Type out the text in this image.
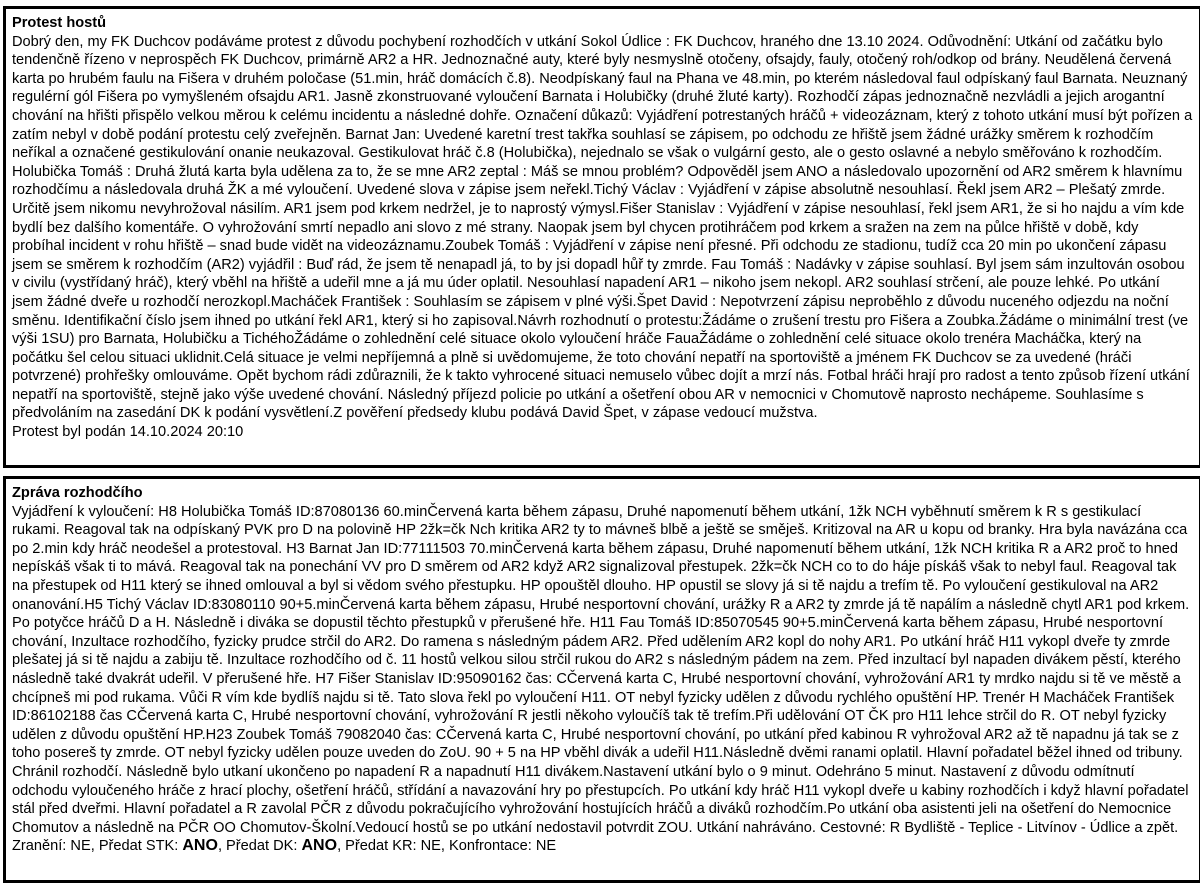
Protest hostů
Dobrý den, my FK Duchcov podáváme protest z důvodu pochybení rozhodčích v utkání Sokol Údlice : FK Duchcov, hraného dne 13.10 2024. Odůvodnění: Utkání od začátku bylo tendenčně řízeno v neprospěch FK Duchcov, primárně AR2 a HR. Jednoznačné auty, které byly nesmyslně otočeny, ofsajdy, fauly, otočený roh/odkop od brány. Neudělená červená karta po hrubém faulu na Fišera v druhém poločase (51.min, hráč domácích č.8). Neodpískaný faul na Phana ve 48.min, po kterém následoval faul odpískaný faul Barnata. Neuznaný regulérní gól Fišera po vymyšleném ofsajdu AR1. Jasně zkonstruované vyloučení Barnata i Holubičky (druhé žluté karty). Rozhodčí zápas jednoznačně nezvládli a jejich arogantní chování na hřišti přispělo velkou měrou k celému incidentu a následné dohře. Označení důkazů: Vyjádření potrestaných hráčů + videozáznam, který z tohoto utkání musí být pořízen a zatím nebyl v době podání protestu celý zveřejněn. Barnat Jan: Uvedené karetní trest takřka souhlasí se zápisem, po odchodu ze hřiště jsem žádné urážky směrem k rozhodčím neříkal a označené gestikulování onanie neukazoval. Gestikulovat hráč č.8 (Holubička), nejednalo se však o vulgární gesto, ale o gesto oslavné a nebylo směřováno k rozhodčím. Holubička Tomáš : Druhá žlutá karta byla udělena za to, že se mne AR2 zeptal : Máš se mnou problém? Odpověděl jsem ANO a následovalo upozornění od AR2 směrem k hlavnímu rozhodčímu a následovala druhá ŽK a mé vyloučení. Uvedené slova v zápise jsem neřekl.Tichý Václav : Vyjádření v zápise absolutně nesouhlasí. Řekl jsem AR2 – Plešatý zmrde. Určitě jsem nikomu nevyhrožoval násilím. AR1 jsem pod krkem nedržel, je to naprostý výmysl.Fišer Stanislav : Vyjádření v zápise nesouhlasí, řekl jsem AR1, že si ho najdu a vím kde bydlí bez dalšího komentáře. O vyhrožování smrtí nepadlo ani slovo z mé strany. Naopak jsem byl chycen protihráčem pod krkem a sražen na zem na půlce hřiště v době, kdy probíhal incident v rohu hřiště – snad bude vidět na videozáznamu.Zoubek Tomáš : Vyjádření v zápise není přesné. Při odchodu ze stadionu, tudíž cca 20 min po ukončení zápasu jsem se směrem k rozhodčím (AR2) vyjádřil : Buď rád, že jsem tě nenapadl já, to by jsi dopadl hůř ty zmrde. Fau Tomáš : Nadávky v zápise souhlasí. Byl jsem sám inzultován osobou v civilu (vystřídaný hráč), který vběhl na hřiště a udeřil mne a já mu úder oplatil. Nesouhlasí napadení AR1 – nikoho jsem nekopl. AR2 souhlasí strčení, ale pouze lehké. Po utkání jsem žádné dveře u rozhodčí nerozkopl.Macháček František : Souhlasím se zápisem v plné výši.Špet David : Nepotvrzení zápisu neproběhlo z důvodu nuceného odjezdu na noční směnu. Identifikační číslo jsem ihned po utkání řekl AR1, který si ho zapisoval.Návrh rozhodnutí o protestu:Žádáme o zrušení trestu pro Fišera a Zoubka.Žádáme o minimální trest (ve výši 1SU) pro Barnata, Holubičku a TichéhoŽádáme o zohlednění celé situace okolo vyloučení hráče FauaŽádáme o zohlednění celé situace okolo trenéra Macháčka, který na počátku šel celou situaci uklidnit.Celá situace je velmi nepříjemná a plně si uvědomujeme, že toto chování nepatří na sportoviště a jménem FK Duchcov se za uvedené (hráči potvrzené) prohřešky omlouváme. Opět bychom rádi zdůraznili, že k takto vyhrocené situaci nemuselo vůbec dojít a mrzí nás. Fotbal hráči hrají pro radost a tento způsob řízení utkání nepatří na sportoviště, stejně jako výše uvedené chování. Následný příjezd policie po utkání a ošetření obou AR v nemocnici v Chomutově naprosto nechápeme. Souhlasíme s předvoláním na zasedání DK k podání vysvětlení.Z pověření předsedy klubu podává David Špet, v zápase vedoucí mužstva.
Protest byl podán 14.10.2024 20:10
Zpráva rozhodčího
Vyjádření k vyloučení: H8 Holubička Tomáš ID:87080136 60.minČervená karta během zápasu, Druhé napomenutí během utkání, 1žk NCH vyběhnutí směrem k R s gestikulací rukami. Reagoval tak na odpískaný PVK pro D na polovině HP 2žk=čk Nch kritika AR2 ty to mávneš blbě a ještě se směješ. Kritizoval na AR u kopu od branky. Hra byla navázána cca po 2.min kdy hráč neodešel a protestoval. H3 Barnat Jan ID:77111503 70.minČervená karta během zápasu, Druhé napomenutí během utkání, 1žk NCH kritika R a AR2 proč to hned nepískáš však ti to mává. Reagoval tak na ponechání VV pro D směrem od AR2 když AR2 signalizoval přestupek. 2žk=čk NCH co to do háje pískáš však to nebyl faul. Reagoval tak na přestupek od H11 který se ihned omlouval a byl si vědom svého přestupku. HP opouštěl dlouho. HP opustil se slovy já si tě najdu a trefím tě. Po vyloučení gestikuloval na AR2 onanování.H5 Tichý Václav ID:83080110 90+5.minČervená karta během zápasu, Hrubé nesportovní chování, urážky R a AR2 ty zmrde já tě napálím a následně chytl AR1 pod krkem. Po potyčce hráčů D a H. Následně i diváka se dopustil těchto přestupků v přerušené hře. H11 Fau Tomáš ID:85070545 90+5.minČervená karta během zápasu, Hrubé nesportovní chování, Inzultace rozhodčího, fyzicky prudce strčil do AR2. Do ramena s následným pádem AR2. Před udělením AR2 kopl do nohy AR1. Po utkání hráč H11 vykopl dveře ty zmrde plešatej já si tě najdu a zabiju tě. Inzultace rozhodčího od č. 11 hostů velkou silou strčil rukou do AR2 s následným pádem na zem. Před inzultací byl napaden divákem pěstí, kterého následně také dvakrát udeřil. V přerušené hře. H7 Fišer Stanislav ID:95090162 čas: CČervená karta C, Hrubé nesportovní chování, vyhrožování AR1 ty mrdko najdu si tě ve městě a chcípneš mi pod rukama. Vůči R vím kde bydlíš najdu si tě. Tato slova řekl po vyloučení H11. OT nebyl fyzicky udělen z důvodu rychlého opuštění HP. Trenér H Macháček František ID:86102188 čas CČervená karta C, Hrubé nesportovní chování, vyhrožování R jestli někoho vyloučíš tak tě trefím.Při udělování OT ČK pro H11 lehce strčil do R. OT nebyl fyzicky udělen z důvodu opuštění HP.H23 Zoubek Tomáš 79082040 čas: CČervená karta C, Hrubé nesportovní chování, po utkání před kabinou R vyhrožoval AR2 až tě napadnu já tak se z toho posereš ty zmrde. OT nebyl fyzicky udělen pouze uveden do ZoU. 90 + 5 na HP vběhl divák a udeřil H11.Následně dvěmi ranami oplatil. Hlavní pořadatel běžel ihned od tribuny. Chránil rozhodčí. Následně bylo utkaní ukončeno po napadení R a napadnutí H11 divákem.Nastavení utkání bylo o 9 minut. Odehráno 5 minut. Nastavení z důvodu odmítnutí odchodu vyloučeného hráče z hrací plochy, ošetření hráčů, střídání a navazování hry po přestupcích. Po utkání kdy hráč H11 vykopl dveře u kabiny rozhodčích i když hlavní pořadatel stál před dveřmi. Hlavní pořadatel a R zavolal PČR z důvodu pokračujícího vyhrožování hostujících hráčů a diváků rozhodčím.Po utkání oba asistenti jeli na ošetření do Nemocnice Chomutov a následně na PČR OO Chomutov-Školní.Vedoucí hostů se po utkání nedostavil potvrdit ZOU. Utkání nahráváno. Cestovné: R Bydliště - Teplice - Litvínov - Údlice a zpět.
Zranění: NE, Předat STK: ANO, Předat DK: ANO, Předat KR: NE, Konfrontace: NE
